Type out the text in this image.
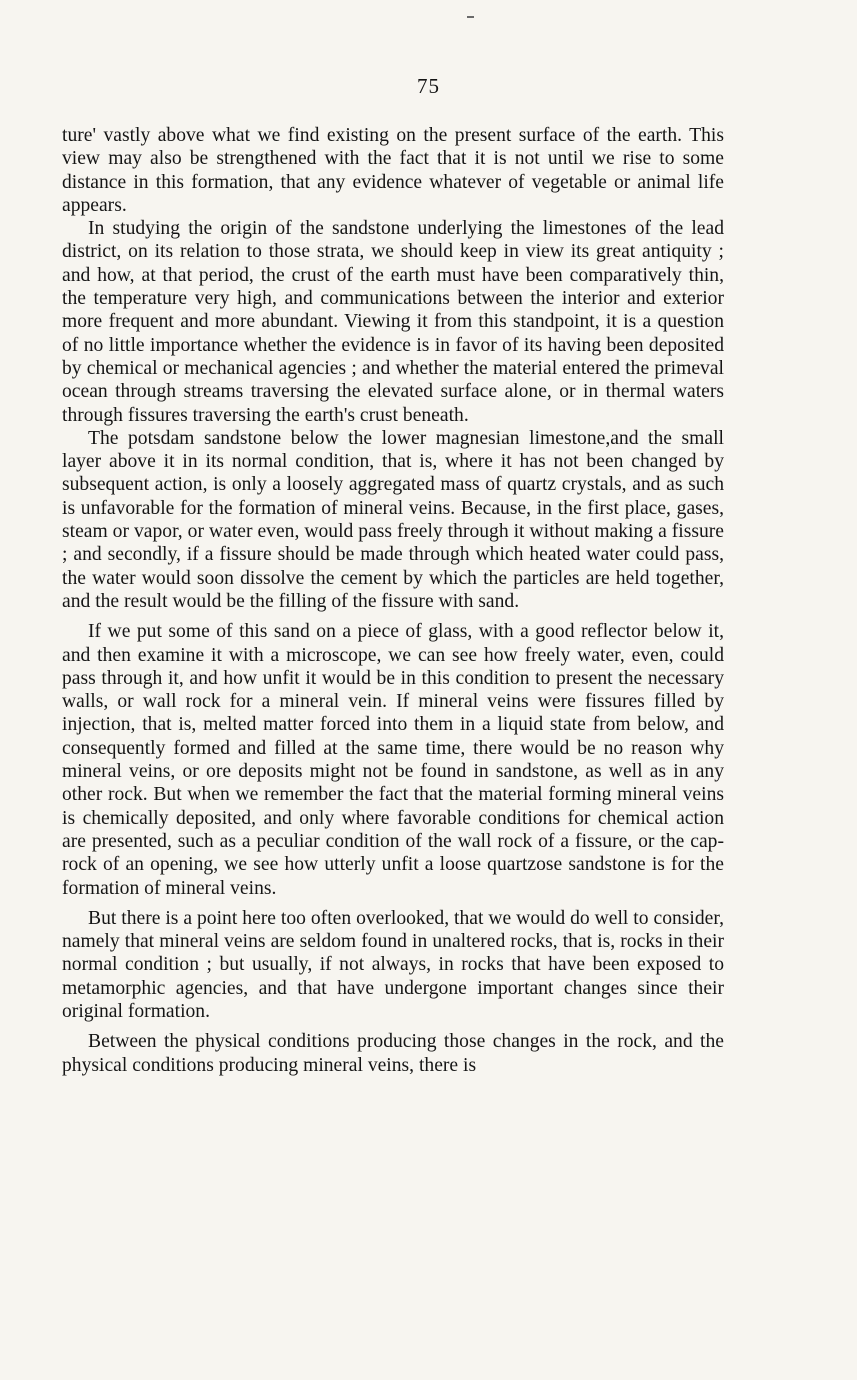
75

ture' vastly above what we find existing on the present surface of the earth. This view may also be strengthened with the fact that it is not until we rise to some distance in this formation, that any evidence whatever of vegetable or animal life appears.

In studying the origin of the sandstone underlying the limestones of the lead district, on its relation to those strata, we should keep in view its great antiquity ; and how, at that period, the crust of the earth must have been comparatively thin, the temperature very high, and communications between the interior and exterior more frequent and more abundant. Viewing it from this standpoint, it is a question of no little importance whether the evidence is in favor of its having been deposited by chemical or mechanical agencies ; and whether the material entered the primeval ocean through streams traversing the elevated surface alone, or in thermal waters through fissures traversing the earth's crust beneath.

The potsdam sandstone below the lower magnesian limestone,and the small layer above it in its normal condition, that is, where it has not been changed by subsequent action, is only a loosely aggregated mass of quartz crystals, and as such is unfavorable for the formation of mineral veins. Because, in the first place, gases, steam or vapor, or water even, would pass freely through it without making a fissure ; and secondly, if a fissure should be made through which heated water could pass, the water would soon dissolve the cement by which the particles are held together, and the result would be the filling of the fissure with sand.

If we put some of this sand on a piece of glass, with a good reflector below it, and then examine it with a microscope, we can see how freely water, even, could pass through it, and how unfit it would be in this condition to present the necessary walls, or wall rock for a mineral vein. If mineral veins were fissures filled by injection, that is, melted matter forced into them in a liquid state from below, and consequently formed and filled at the same time, there would be no reason why mineral veins, or ore deposits might not be found in sandstone, as well as in any other rock. But when we remember the fact that the material forming mineral veins is chemically deposited, and only where favorable conditions for chemical action are presented, such as a peculiar condition of the wall rock of a fissure, or the cap-rock of an opening, we see how utterly unfit a loose quartzose sandstone is for the formation of mineral veins.

But there is a point here too often overlooked, that we would do well to consider, namely that mineral veins are seldom found in unaltered rocks, that is, rocks in their normal condition ; but usually, if not always, in rocks that have been exposed to metamorphic agencies, and that have undergone important changes since their original formation.

Between the physical conditions producing those changes in the rock, and the physical conditions producing mineral veins, there is
